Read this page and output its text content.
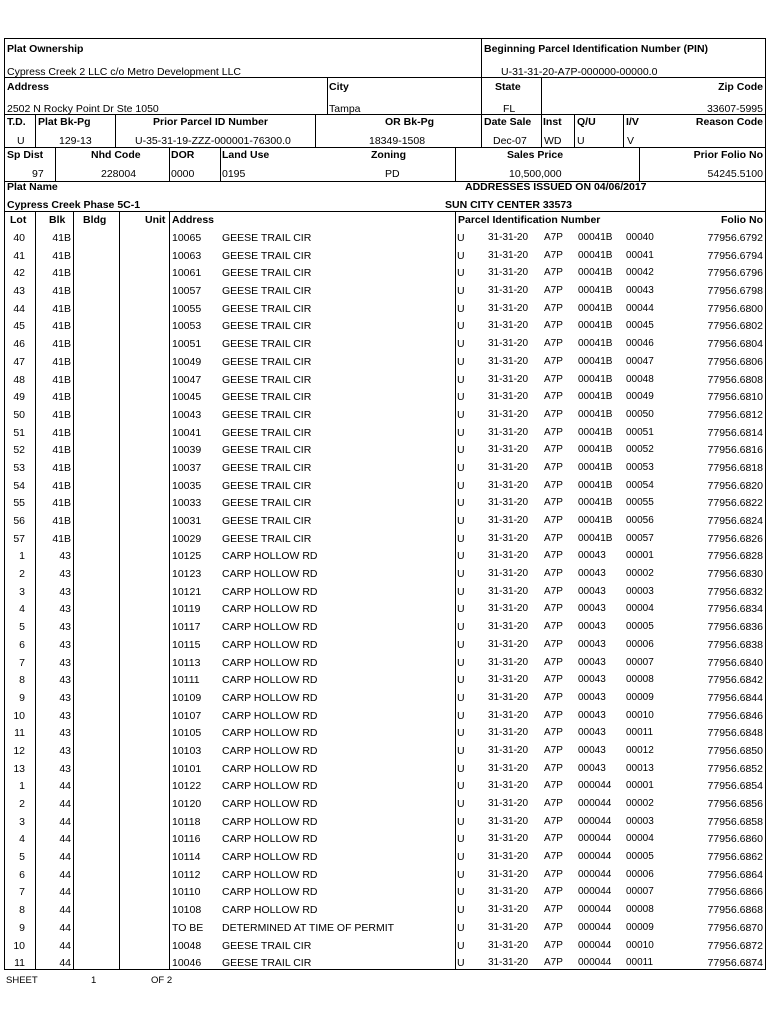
Plat Ownership	Beginning Parcel Identification Number (PIN)
Cypress Creek 2 LLC c/o Metro Development LLC	U-31-31-20-A7P-000000-00000.0
Address	City	State	Zip Code
2502 N Rocky Point Dr Ste 1050	Tampa	FL	33607-5995
T.D. Plat Bk-Pg	Prior Parcel ID Number	OR Bk-Pg	Date Sale Inst Q/U	I/V	Reason Code
U	129-13	U-35-31-19-ZZZ-000001-76300.0	18349-1508	Dec-07 WD U	V
Sp Dist	Nhd Code	DOR	Land Use	Zoning	Sales Price	Prior Folio No
97	228004	0000	0195	PD	10,500,000	54245.5100
Plat Name	ADDRESSES ISSUED ON 04/06/2017
Cypress Creek Phase 5C-1	SUN CITY CENTER 33573
Lot Blk Bldg	Unit Address	Parcel Identification Number	Folio No
40	41B	10065 GEESE TRAIL CIR	U 31-31-20 A7P 00041B 00040	77956.6792
41	41B	10063 GEESE TRAIL CIR	U 31-31-20 A7P 00041B 00041	77956.6794
42	41B	10061 GEESE TRAIL CIR	U 31-31-20 A7P 00041B 00042	77956.6796
43	41B	10057 GEESE TRAIL CIR	U 31-31-20 A7P 00041B 00043	77956.6798
44	41B	10055 GEESE TRAIL CIR	U 31-31-20 A7P 00041B 00044	77956.6800
45	41B	10053 GEESE TRAIL CIR	U 31-31-20 A7P 00041B 00045	77956.6802
46	41B	10051 GEESE TRAIL CIR	U 31-31-20 A7P 00041B 00046	77956.6804
47	41B	10049 GEESE TRAIL CIR	U 31-31-20 A7P 00041B 00047	77956.6806
48	41B	10047 GEESE TRAIL CIR	U 31-31-20 A7P 00041B 00048	77956.6808
49	41B	10045 GEESE TRAIL CIR	U 31-31-20 A7P 00041B 00049	77956.6810
50	41B	10043 GEESE TRAIL CIR	U 31-31-20 A7P 00041B 00050	77956.6812
51	41B	10041 GEESE TRAIL CIR	U 31-31-20 A7P 00041B 00051	77956.6814
52	41B	10039 GEESE TRAIL CIR	U 31-31-20 A7P 00041B 00052	77956.6816
53	41B	10037 GEESE TRAIL CIR	U 31-31-20 A7P 00041B 00053	77956.6818
54	41B	10035 GEESE TRAIL CIR	U 31-31-20 A7P 00041B 00054	77956.6820
55	41B	10033 GEESE TRAIL CIR	U 31-31-20 A7P 00041B 00055	77956.6822
56	41B	10031 GEESE TRAIL CIR	U 31-31-20 A7P 00041B 00056	77956.6824
57	41B	10029 GEESE TRAIL CIR	U 31-31-20 A7P 00041B 00057	77956.6826
1	43	10125 CARP HOLLOW RD	U 31-31-20 A7P 00043 00001	77956.6828
2	43	10123 CARP HOLLOW RD	U 31-31-20 A7P 00043 00002	77956.6830
3	43	10121 CARP HOLLOW RD	U 31-31-20 A7P 00043 00003	77956.6832
4	43	10119 CARP HOLLOW RD	U 31-31-20 A7P 00043 00004	77956.6834
5	43	10117 CARP HOLLOW RD	U 31-31-20 A7P 00043 00005	77956.6836
6	43	10115 CARP HOLLOW RD	U 31-31-20 A7P 00043 00006	77956.6838
7	43	10113 CARP HOLLOW RD	U 31-31-20 A7P 00043 00007	77956.6840
8	43	10111 CARP HOLLOW RD	U 31-31-20 A7P 00043 00008	77956.6842
9	43	10109 CARP HOLLOW RD	U 31-31-20 A7P 00043 00009	77956.6844
10	43	10107 CARP HOLLOW RD	U 31-31-20 A7P 00043 00010	77956.6846
11	43	10105 CARP HOLLOW RD	U 31-31-20 A7P 00043 00011	77956.6848
12	43	10103 CARP HOLLOW RD	U 31-31-20 A7P 00043 00012	77956.6850
13	43	10101 CARP HOLLOW RD	U 31-31-20 A7P 00043 00013	77956.6852
1	44	10122 CARP HOLLOW RD	U 31-31-20 A7P 000044 00001	77956.6854
2	44	10120 CARP HOLLOW RD	U 31-31-20 A7P 000044 00002	77956.6856
3	44	10118 CARP HOLLOW RD	U 31-31-20 A7P 000044 00003	77956.6858
4	44	10116 CARP HOLLOW RD	U 31-31-20 A7P 000044 00004	77956.6860
5	44	10114 CARP HOLLOW RD	U 31-31-20 A7P 000044 00005	77956.6862
6	44	10112 CARP HOLLOW RD	U 31-31-20 A7P 000044 00006	77956.6864
7	44	10110 CARP HOLLOW RD	U 31-31-20 A7P 000044 00007	77956.6866
8	44	10108 CARP HOLLOW RD	U 31-31-20 A7P 000044 00008	77956.6868
9	44	TO BE DETERMINED AT TIME OF PERMIT	U 31-31-20 A7P 000044 00009	77956.6870
10	44	10048 GEESE TRAIL CIR	U 31-31-20 A7P 000044 00010	77956.6872
11	44	10046 GEESE TRAIL CIR	U 31-31-20 A7P 000044 00011	77956.6874
SHEET	1	OF 2
